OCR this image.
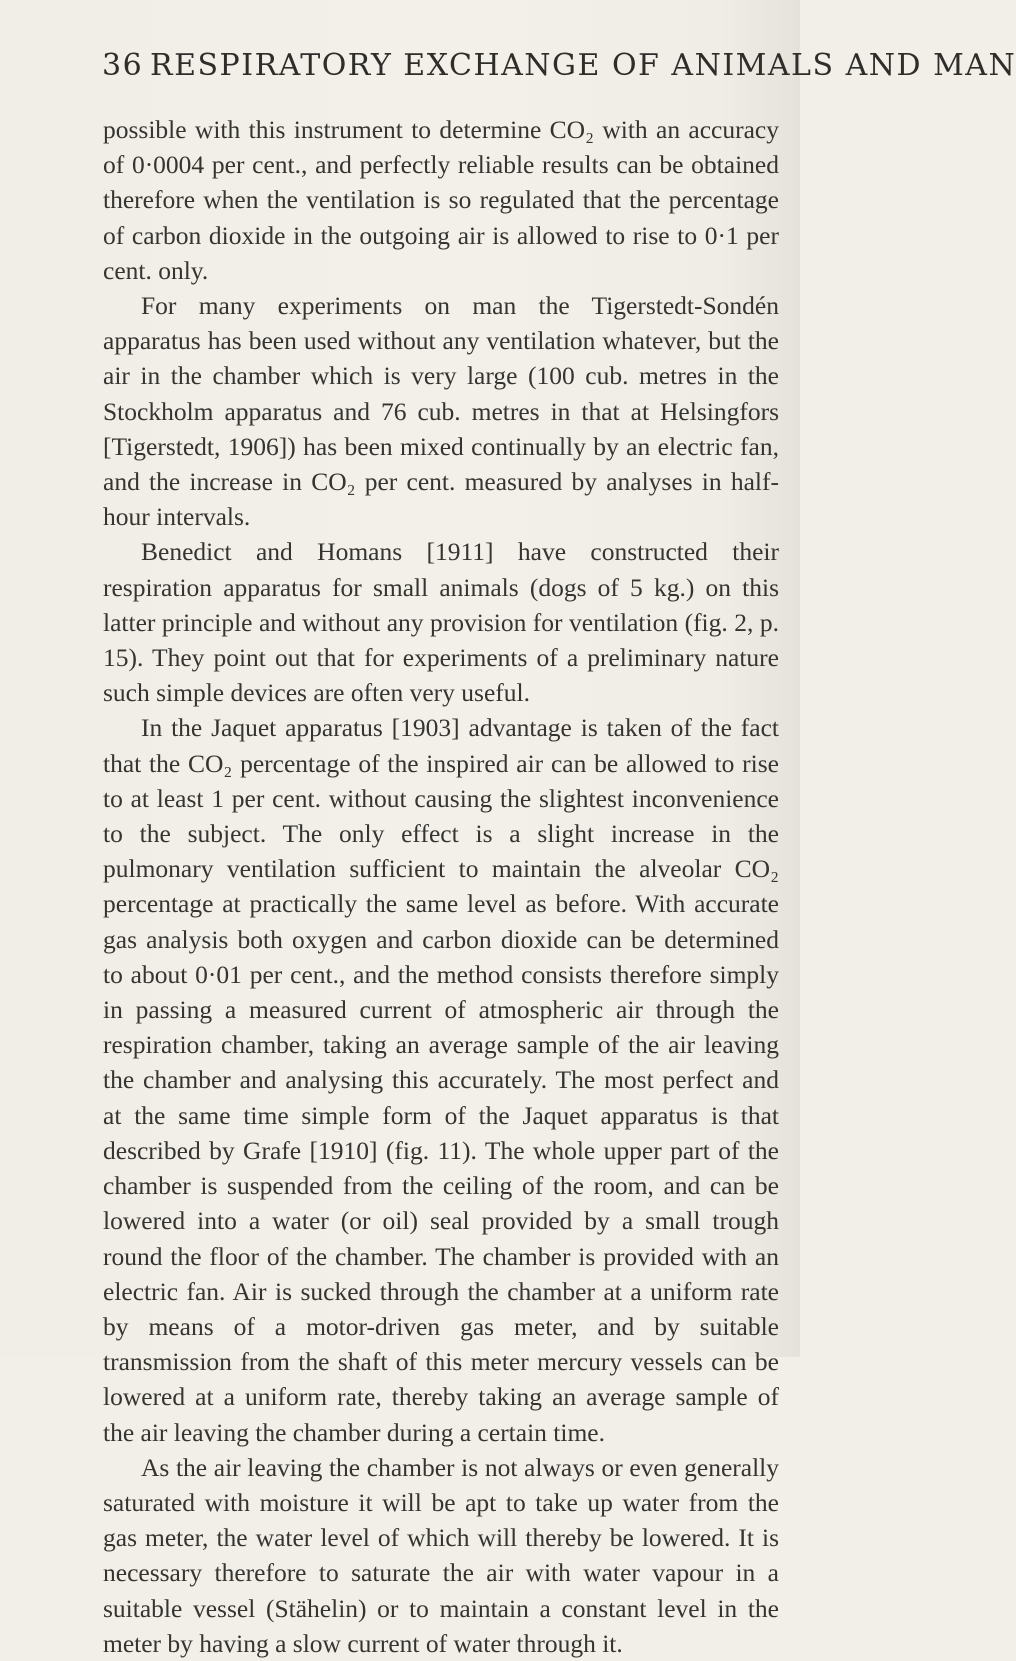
36 RESPIRATORY EXCHANGE OF ANIMALS AND MAN

possible with this instrument to determine CO₂ with an accuracy of 0·0004 per cent., and perfectly reliable results can be obtained therefore when the ventilation is so regulated that the percentage of carbon dioxide in the outgoing air is allowed to rise to 0·1 per cent. only.

For many experiments on man the Tigerstedt-Sondén apparatus has been used without any ventilation whatever, but the air in the chamber which is very large (100 cub. metres in the Stockholm apparatus and 76 cub. metres in that at Helsingfors [Tigerstedt, 1906]) has been mixed continually by an electric fan, and the increase in CO₂ per cent. measured by analyses in half-hour intervals.

Benedict and Homans [1911] have constructed their respiration apparatus for small animals (dogs of 5 kg.) on this latter principle and without any provision for ventilation (fig. 2, p. 15). They point out that for experiments of a preliminary nature such simple devices are often very useful.

In the Jaquet apparatus [1903] advantage is taken of the fact that the CO₂ percentage of the inspired air can be allowed to rise to at least 1 per cent. without causing the slightest inconvenience to the subject. The only effect is a slight increase in the pulmonary ventilation sufficient to maintain the alveolar CO₂ percentage at practically the same level as before. With accurate gas analysis both oxygen and carbon dioxide can be determined to about 0·01 per cent., and the method consists therefore simply in passing a measured current of atmospheric air through the respiration chamber, taking an average sample of the air leaving the chamber and analysing this accurately. The most perfect and at the same time simple form of the Jaquet apparatus is that described by Grafe [1910] (fig. 11). The whole upper part of the chamber is suspended from the ceiling of the room, and can be lowered into a water (or oil) seal provided by a small trough round the floor of the chamber. The chamber is provided with an electric fan. Air is sucked through the chamber at a uniform rate by means of a motor-driven gas meter, and by suitable transmission from the shaft of this meter mercury vessels can be lowered at a uniform rate, thereby taking an average sample of the air leaving the chamber during a certain time.

As the air leaving the chamber is not always or even generally saturated with moisture it will be apt to take up water from the gas meter, the water level of which will thereby be lowered. It is necessary therefore to saturate the air with water vapour in a suitable vessel (Stähelin) or to maintain a constant level in the meter by having a slow current of water through it.
